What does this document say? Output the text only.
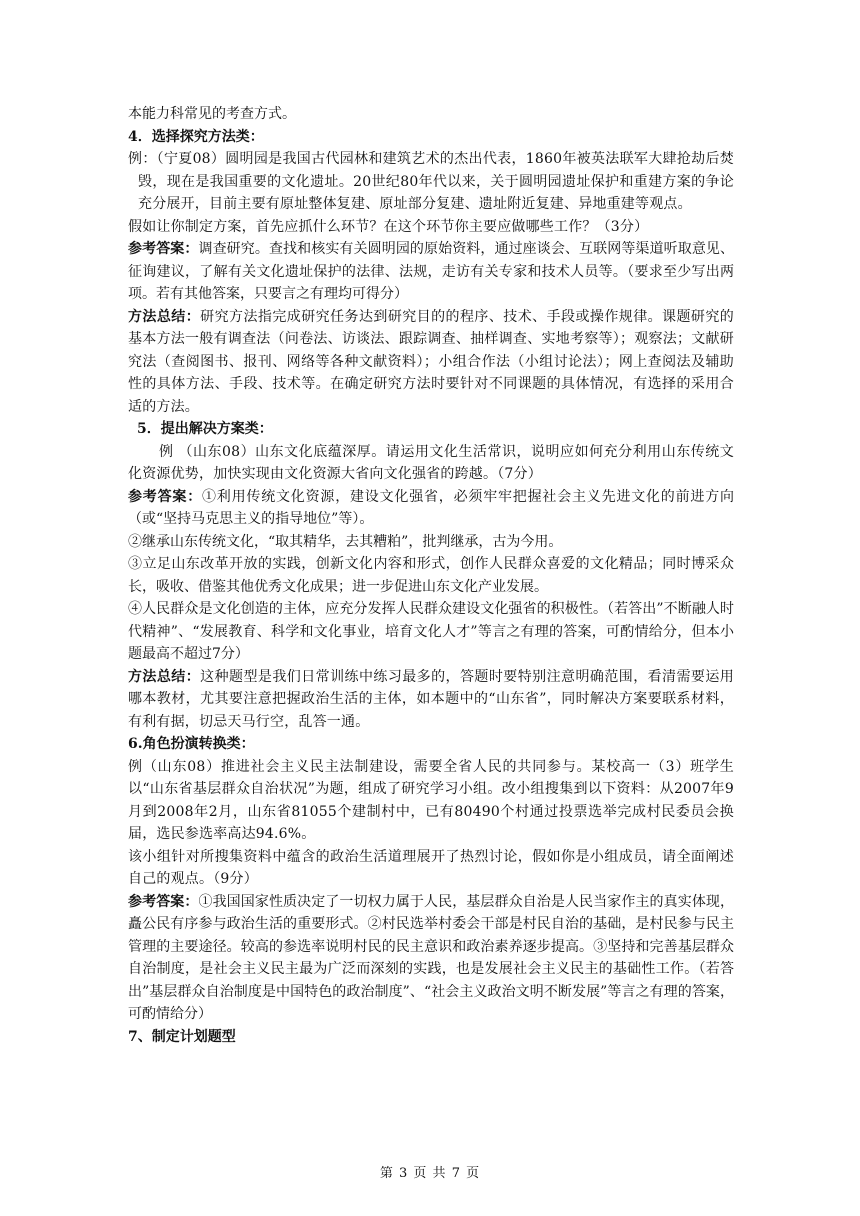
本能力科常见的考查方式。

4．选择探究方法类：

例：（宁夏08）圆明园是我国古代园林和建筑艺术的杰出代表，1860年被英法联军大肆抢劫后焚毁，现在是我国重要的文化遗址。20世纪80年代以来，关于圆明园遗址保护和重建方案的争论充分展开，目前主要有原址整体复建、原址部分复建、遗址附近复建、异地重建等观点。

假如让你制定方案，首先应抓什么环节？在这个环节你主要应做哪些工作？（3分）

参考答案：调查研究。查找和核实有关圆明园的原始资料，通过座谈会、互联网等渠道听取意见、征询建议，了解有关文化遗址保护的法律、法规，走访有关专家和技术人员等。（要求至少写出两项。若有其他答案，只要言之有理均可得分）

方法总结：研究方法指完成研究任务达到研究目的的程序、技术、手段或操作规律。课题研究的基本方法一般有调查法（问卷法、访谈法、跟踪调查、抽样调查、实地考察等）；观察法；文献研究法（查阅图书、报刊、网络等各种文献资料）；小组合作法（小组讨论法）；网上查阅法及辅助性的具体方法、手段、技术等。在确定研究方法时要针对不同课题的具体情况，有选择的采用合适的方法。

5．提出解决方案类：

例 （山东08）山东文化底蕴深厚。请运用文化生活常识，说明应如何充分利用山东传统文化资源优势，加快实现由文化资源大省向文化强省的跨越。（7分）

参考答案：①利用传统文化资源，建设文化强省，必须牢牢把握社会主义先进文化的前进方向（或“坚持马克思主义的指导地位”等）。

②继承山东传统文化，“取其精华，去其糟粕”，批判继承，古为今用。

③立足山东改革开放的实践，创新文化内容和形式，创作人民群众喜爱的文化精品；同时博采众长，吸收、借鉴其他优秀文化成果；进一步促进山东文化产业发展。

④人民群众是文化创造的主体，应充分发挥人民群众建设文化强省的积极性。（若答出”不断融人时代精神”、“发展教育、科学和文化事业，培育文化人才”等言之有理的答案，可酌情给分，但本小题最高不超过7分）

方法总结：这种题型是我们日常训练中练习最多的，答题时要特别注意明确范围，看清需要运用哪本教材，尤其要注意把握政治生活的主体，如本题中的“山东省”，同时解决方案要联系材料，有利有据，切忌天马行空，乱答一通。

6.角色扮演转换类：

例（山东08）推进社会主义民主法制建设，需要全省人民的共同参与。某校高一（3）班学生以“山东省基层群众自治状况”为题，组成了研究学习小组。改小组搜集到以下资料：从2007年9月到2008年2月，山东省81055个建制村中，已有80490个村通过投票选举完成村民委员会换届，选民参选率高达94.6%。

该小组针对所搜集资料中蕴含的政治生活道理展开了热烈讨论，假如你是小组成员，请全面阐述自己的观点。（9分）

参考答案：①我国国家性质决定了一切权力属于人民，基层群众自治是人民当家作主的真实体现，矗公民有序参与政治生活的重要形式。②村民选举村委会干部是村民自治的基础，是村民参与民主管理的主要途径。较高的参选率说明村民的民主意识和政治素养逐步提高。③坚持和完善基层群众自治制度，是社会主义民主最为广泛而深刻的实践，也是发展社会主义民主的基础性工作。（若答出”基层群众自治制度是中国特色的政治制度”、“社会主义政治文明不断发展”等言之有理的答案，可酌情给分）

7、制定计划题型

第 3 页 共 7 页
